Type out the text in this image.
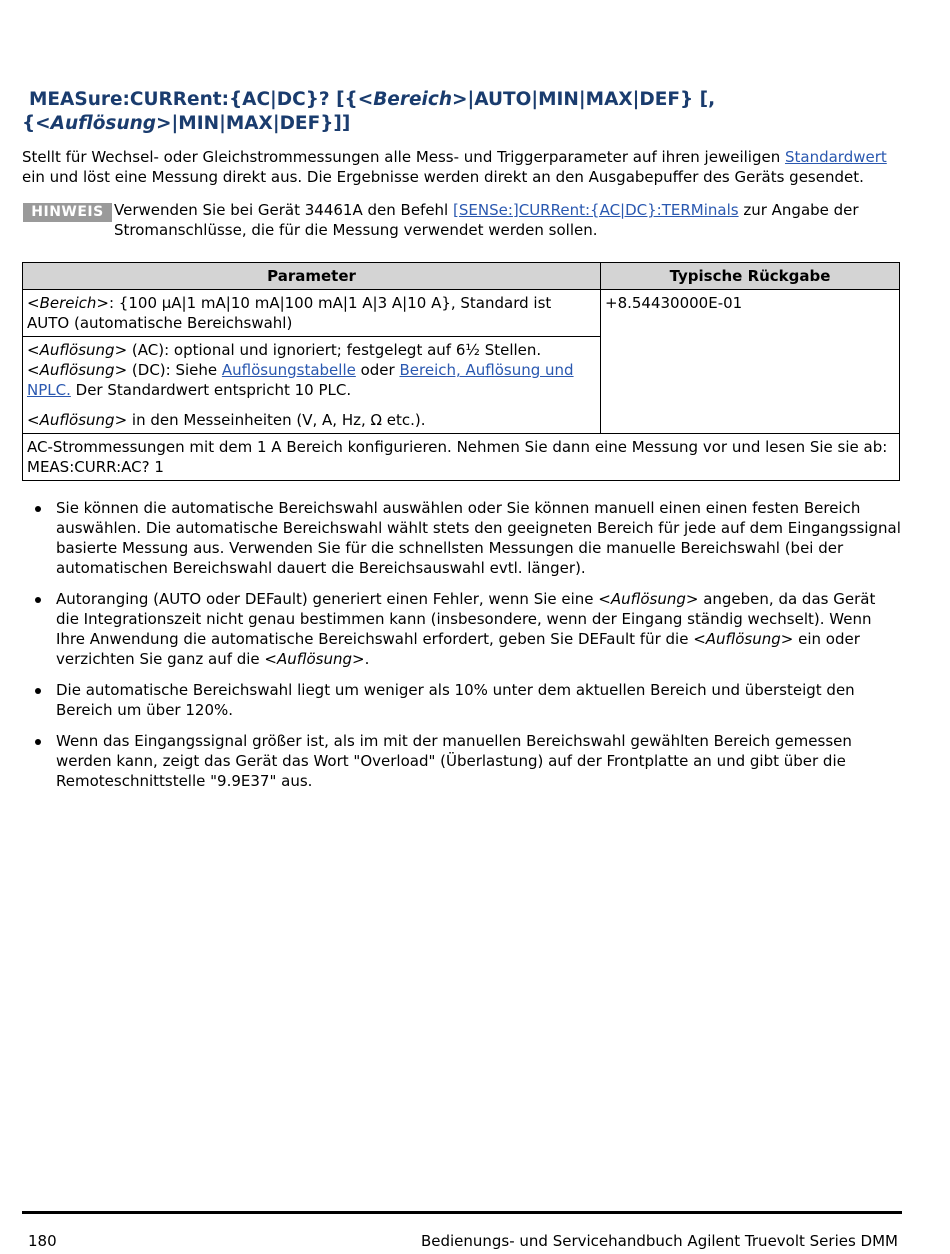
MEASure:CURRent:{AC|DC}? [{<Bereich>|AUTO|MIN|MAX|DEF} [,
{<Auflösung>|MIN|MAX|DEF}]]

Stellt für Wechsel- oder Gleichstrommessungen alle Mess- und Triggerparameter auf ihren jeweiligen Standardwert ein und löst eine Messung direkt aus. Die Ergebnisse werden direkt an den Ausgabepuffer des Geräts gesendet.

HINWEIS Verwenden Sie bei Gerät 34461A den Befehl [SENSe:]CURRent:{AC|DC}:TERMinals zur Angabe der Stromanschlüsse, die für die Messung verwendet werden sollen.
Parameter	Typische Rückgabe
<Bereich>: {100 µA|1 mA|10 mA|100 mA|1 A|3 A|10 A}, Standard ist AUTO (automatische Bereichswahl)	+8.54430000E-01

<Auflösung> (AC): optional und ignoriert; festgelegt auf 6½ Stellen.
<Auflösung> (DC): Siehe Auflösungstabelle oder Bereich, Auflösung und NPLC. Der Standardwert entspricht 10 PLC.
<Auflösung> in den Messeinheiten (V, A, Hz, Ω etc.).	

AC-Strommessungen mit dem 1 A Bereich konfigurieren. Nehmen Sie dann eine Messung vor und lesen Sie sie ab:
MEAS:CURR:AC? 1	
Sie können die automatische Bereichswahl auswählen oder Sie können manuell einen einen festen Bereich auswählen. Die automatische Bereichswahl wählt stets den geeigneten Bereich für jede auf dem Eingangssignal basierte Messung aus. Verwenden Sie für die schnellsten Messungen die manuelle Bereichswahl (bei der automatischen Bereichswahl dauert die Bereichsauswahl evtl. länger).
Autoranging (AUTO oder DEFault) generiert einen Fehler, wenn Sie eine <Auflösung> angeben, da das Gerät die Integrationszeit nicht genau bestimmen kann (insbesondere, wenn der Eingang ständig wechselt). Wenn Ihre Anwendung die automatische Bereichswahl erfordert, geben Sie DEFault für die <Auflösung> ein oder verzichten Sie ganz auf die <Auflösung>.
Die automatische Bereichswahl liegt um weniger als 10% unter dem aktuellen Bereich und übersteigt den Bereich um über 120%.
Wenn das Eingangssignal größer ist, als im mit der manuellen Bereichswahl gewählten Bereich gemessen werden kann, zeigt das Gerät das Wort "Overload" (Überlastung) auf der Frontplatte an und gibt über die Remoteschnittstelle "9.9E37" aus.
180	Bedienungs- und Servicehandbuch Agilent Truevolt Series DMM
